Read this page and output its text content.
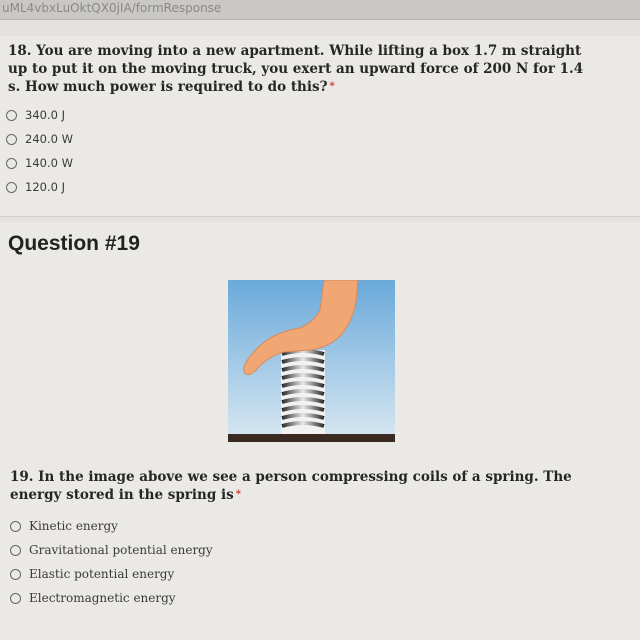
uML4vbxLuOktQX0jIA/formResponse
18. You are moving into a new apartment. While lifting a box 1.7 m straight
up to put it on the moving truck, you exert an upward force of 200 N for 1.4
s. How much power is required to do this? *
340.0 J
240.0 W
140.0 W
120.0 J
Question #19
19. In the image above we see a person compressing coils of a spring. The
energy stored in the spring is *
Kinetic energy
Gravitational potential energy
Elastic potential energy
Electromagnetic energy
